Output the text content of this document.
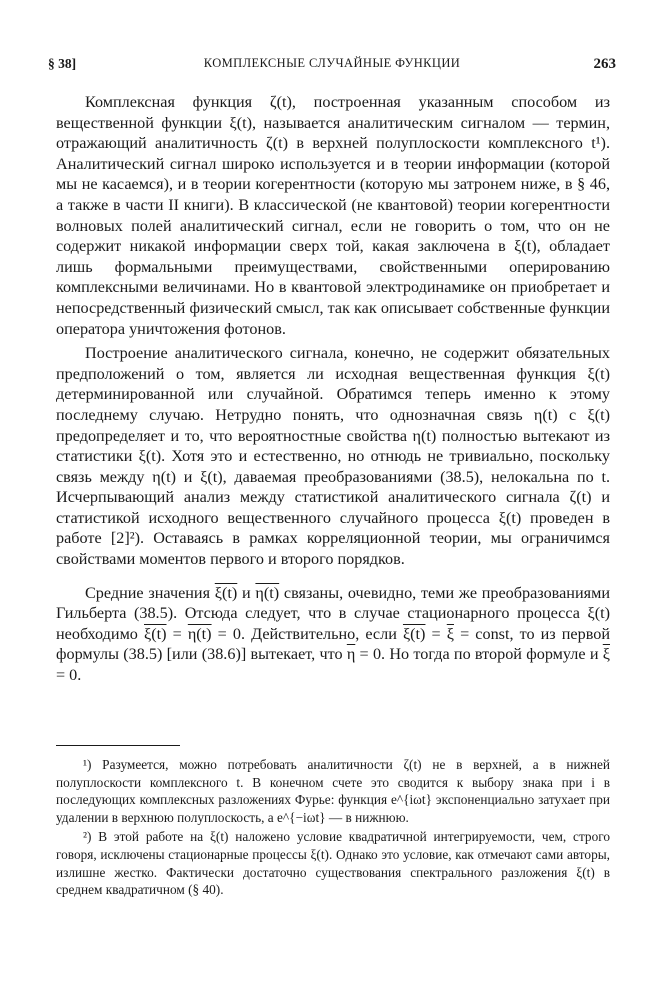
§ 38]	КОМПЛЕКСНЫЕ СЛУЧАЙНЫЕ ФУНКЦИИ	263

Комплексная функция ζ(t), построенная указанным способом из вещественной функции ξ(t), называется аналитическим сигналом — термин, отражающий аналитичность ζ(t) в верхней полуплоскости комплексного t¹). Аналитический сигнал широко используется и в теории информации (которой мы не касаемся), и в теории когерентности (которую мы затронем ниже, в § 46, а также в части II книги). В классической (не квантовой) теории когерентности волновых полей аналитический сигнал, если не говорить о том, что он не содержит никакой информации сверх той, какая заключена в ξ(t), обладает лишь формальными преимуществами, свойственными оперированию комплексными величинами. Но в квантовой электродинамике он приобретает и непосредственный физический смысл, так как описывает собственные функции оператора уничтожения фотонов.

Построение аналитического сигнала, конечно, не содержит обязательных предположений о том, является ли исходная вещественная функция ξ(t) детерминированной или случайной. Обратимся теперь именно к этому последнему случаю. Нетрудно понять, что однозначная связь η(t) с ξ(t) предопределяет и то, что вероятностные свойства η(t) полностью вытекают из статистики ξ(t). Хотя это и естественно, но отнюдь не тривиально, поскольку связь между η(t) и ξ(t), даваемая преобразованиями (38.5), нелокальна по t. Исчерпывающий анализ между статистикой аналитического сигнала ζ(t) и статистикой исходного вещественного случайного процесса ξ(t) проведен в работе [2]²). Оставаясь в рамках корреляционной теории, мы ограничимся свойствами моментов первого и второго порядков.

Средние значения ξ(t) и η(t) связаны, очевидно, теми же преобразованиями Гильберта (38.5). Отсюда следует, что в случае стационарного процесса ξ(t) необходимо ξ(t) = η(t) = 0. Действительно, если $\xi(t) = \overline{\xi}$ = const, то из первой формулы (38.5) [или (38.6)] вытекает, что $\overline{\eta} = 0$. Но тогда по второй формуле и $\overline{\xi} = 0$.

¹) Разумеется, можно потребовать аналитичности ζ(t) не в верхней, а в нижней полуплоскости комплексного t. В конечном счете это сводится к выбору знака при i в последующих комплексных разложениях Фурье: функция e^{iωt} экспоненциально затухает при удалении в верхнюю полуплоскость, а e^{−iωt} — в нижнюю.

²) В этой работе на ξ(t) наложено условие квадратичной интегрируемости, чем, строго говоря, исключены стационарные процессы ξ(t). Однако это условие, как отмечают сами авторы, излишне жестко. Фактически достаточно существования спектрального разложения ξ(t) в среднем квадратичном (§ 40).
